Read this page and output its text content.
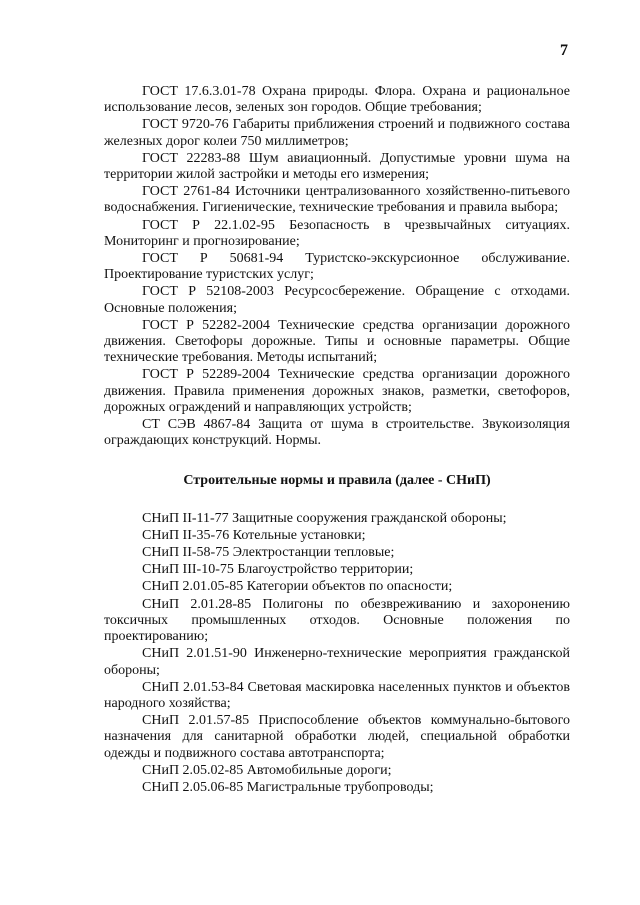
7

ГОСТ 17.6.3.01-78 Охрана природы. Флора. Охрана и рациональное использование лесов, зеленых зон городов. Общие требования;

ГОСТ 9720-76 Габариты приближения строений и подвижного состава железных дорог колеи 750 миллиметров;

ГОСТ 22283-88 Шум авиационный. Допустимые уровни шума на территории жилой застройки и методы его измерения;

ГОСТ 2761-84 Источники централизованного хозяйственно-питьевого водоснабжения. Гигиенические, технические требования и правила выбора;

ГОСТ Р 22.1.02-95 Безопасность в чрезвычайных ситуациях. Мониторинг и прогнозирование;

ГОСТ Р 50681-94 Туристско-экскурсионное обслуживание. Проектирование туристских услуг;

ГОСТ Р 52108-2003 Ресурсосбережение. Обращение с отходами. Основные положения;

ГОСТ Р 52282-2004 Технические средства организации дорожного движения. Светофоры дорожные. Типы и основные параметры. Общие технические требования. Методы испытаний;

ГОСТ Р 52289-2004 Технические средства организации дорожного движения. Правила применения дорожных знаков, разметки, светофоров, дорожных ограждений и направляющих устройств;

СТ СЭВ 4867-84 Защита от шума в строительстве. Звукоизоляция ограждающих конструкций. Нормы.

Строительные нормы и правила (далее - СНиП)

СНиП II-11-77 Защитные сооружения гражданской обороны;

СНиП II-35-76 Котельные установки;

СНиП II-58-75 Электростанции тепловые;

СНиП III-10-75 Благоустройство территории;

СНиП 2.01.05-85 Категории объектов по опасности;

СНиП 2.01.28-85 Полигоны по обезвреживанию и захоронению токсичных промышленных отходов. Основные положения по проектированию;

СНиП 2.01.51-90 Инженерно-технические мероприятия гражданской обороны;

СНиП 2.01.53-84 Световая маскировка населенных пунктов и объектов народного хозяйства;

СНиП 2.01.57-85 Приспособление объектов коммунально-бытового назначения для санитарной обработки людей, специальной обработки одежды и подвижного состава автотранспорта;

СНиП 2.05.02-85 Автомобильные дороги;

СНиП 2.05.06-85 Магистральные трубопроводы;
